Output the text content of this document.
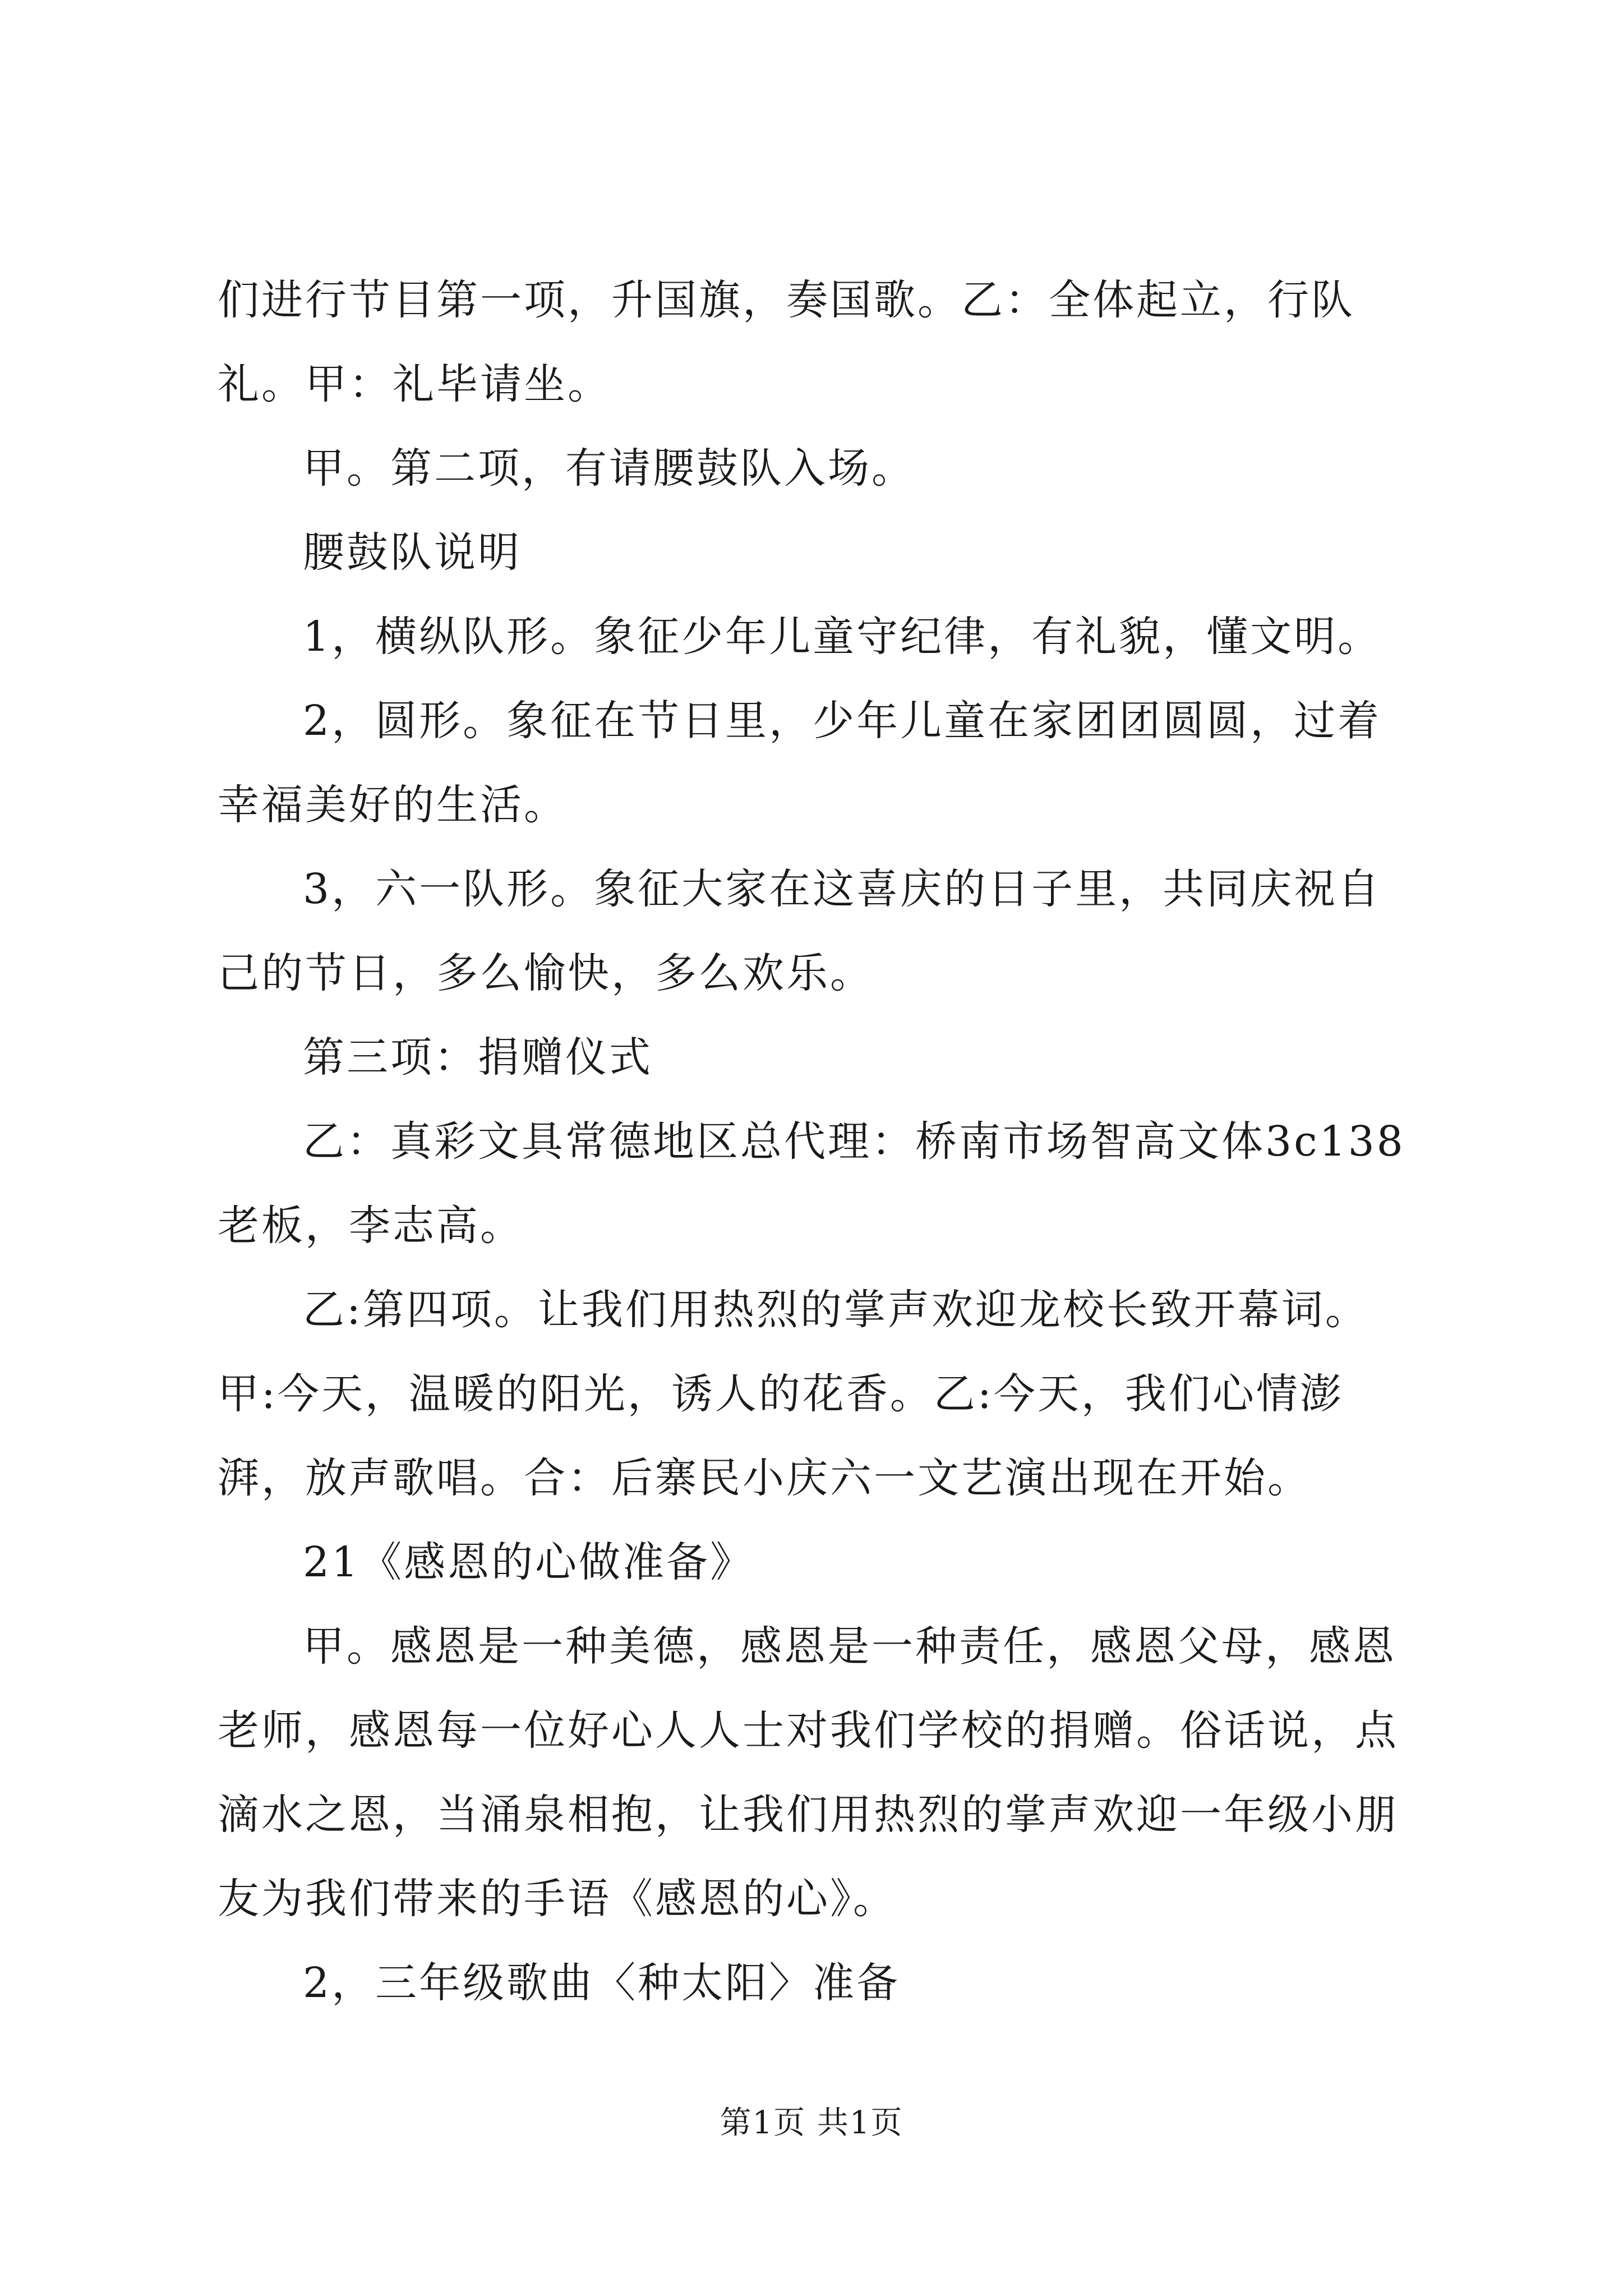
们进行节目第一项，升国旗，奏国歌。乙：全体起立，行队礼。甲：礼毕请坐。

甲。第二项，有请腰鼓队入场。

腰鼓队说明

1，横纵队形。象征少年儿童守纪律，有礼貌，懂文明。

2，圆形。象征在节日里，少年儿童在家团团圆圆，过着幸福美好的生活。

3，六一队形。象征大家在这喜庆的日子里，共同庆祝自己的节日，多么愉快，多么欢乐。

第三项：捐赠仪式

乙：真彩文具常德地区总代理：桥南市场智高文体3c138老板，李志高。

乙:第四项。让我们用热烈的掌声欢迎龙校长致开幕词。甲:今天，温暖的阳光，诱人的花香。乙:今天，我们心情澎湃，放声歌唱。合：后寨民小庆六一文艺演出现在开始。

21《感恩的心做准备》

甲。感恩是一种美德，感恩是一种责任，感恩父母，感恩老师，感恩每一位好心人人士对我们学校的捐赠。俗话说，点滴水之恩，当涌泉相抱，让我们用热烈的掌声欢迎一年级小朋友为我们带来的手语《感恩的心》。

2，三年级歌曲〈种太阳〉准备

第1页 共1页
